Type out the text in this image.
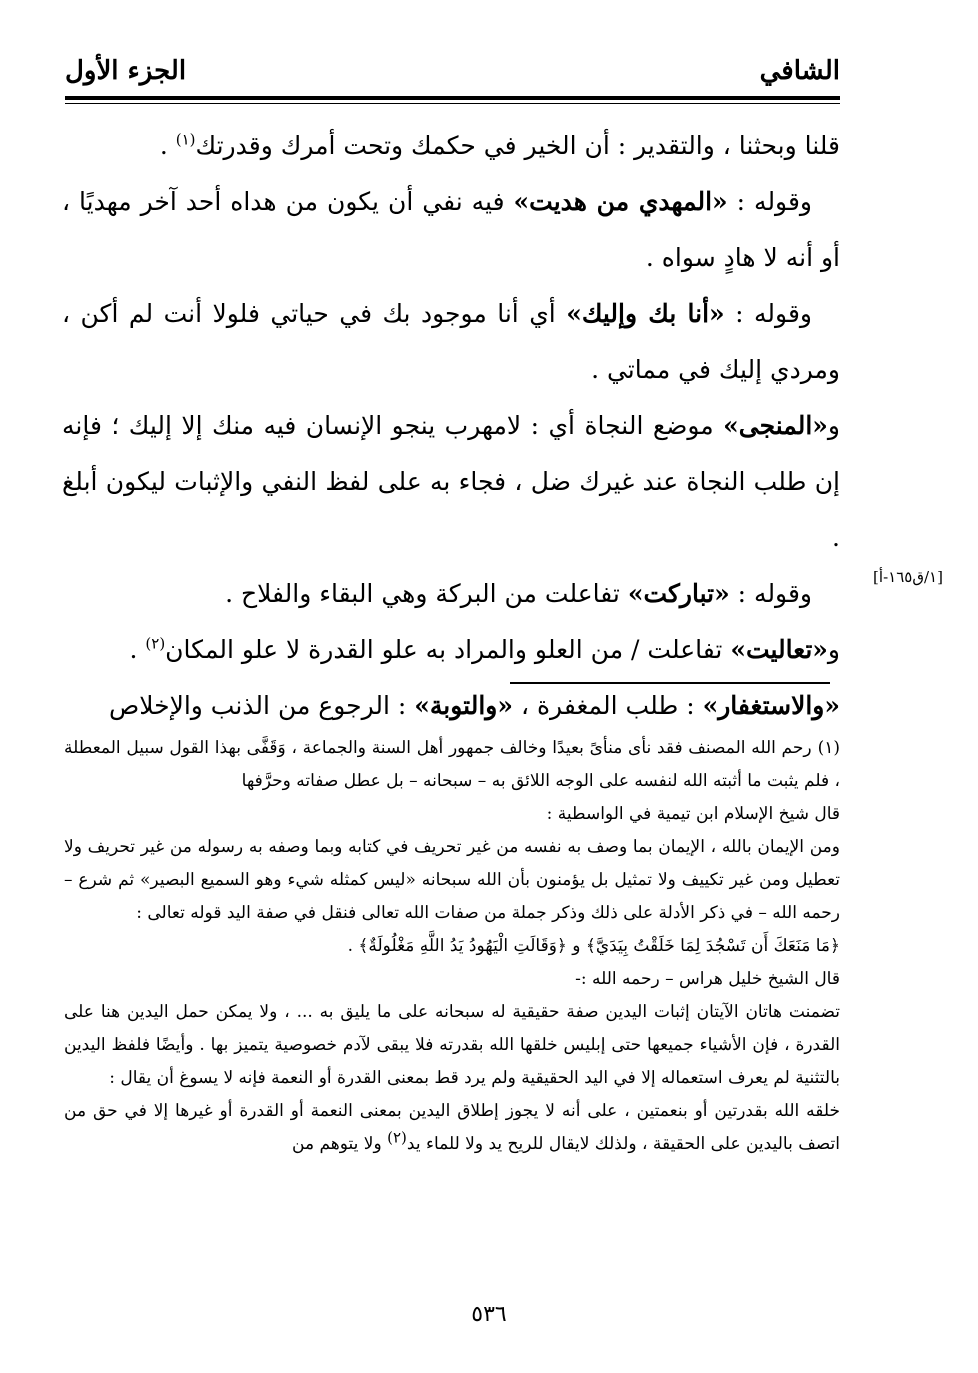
الشافي
الجزء الأول

قلنا وبحثنا ، والتقدير : أن الخير في حكمك وتحت أمرك وقدرتك$^{(١)}$ .

وقوله : «المهدي من هديت» فيه نفي أن يكون من هداه أحد آخر مهديًا ، أو أنه لا هادٍ سواه .

وقوله : «أنا بك وإليك» أي أنا موجود بك في حياتي فلولا أنت لم أكن ، ومردي إليك في مماتي .

و«المنجى» موضع النجاة أي : لامهرب ينجو الإنسان فيه منك إلا إليك ؛ فإنه إن طلب النجاة عند غيرك ضل ، فجاء به على لفظ النفي والإثبات ليكون أبلغ .

وقوله : «تباركت» تفاعلت من البركة وهي البقاء والفلاح .

و«تعاليت» تفاعلت / من العلو والمراد به علو القدرة لا علو المكان$^{(٢)}$ .

«والاستغفار» : طلب المغفرة ، «والتوبة» : الرجوع من الذنب والإخلاص

[١/ق١٦٥-أ]

(١)رحم الله المصنف فقد نأى منأىً بعيدًا وخالف جمهور أهل السنة والجماعة ، وَقَفَّى بهذا القول سبيل المعطلة ، فلم يثبت ما أثبته الله لنفسه على الوجه اللائق به – سبحانه – بل عطل صفاته وحرَّفها

قال شيخ الإسلام ابن تيمية في الواسطية :

ومن الإيمان بالله ، الإيمان بما وصف به نفسه من غير تحريف في كتابه وبما وصفه به رسوله من غير تحريف ولا تعطيل ومن غير تكييف ولا تمثيل بل يؤمنون بأن الله سبحانه «ليس كمثله شيء وهو السميع البصير» ثم شرع – رحمه الله – في ذكر الأدلة على ذلك وذكر جملة من صفات الله تعالى فنقل في صفة اليد قوله تعالى :

﴿مَا مَنَعَكَ أَن تَسْجُدَ لِمَا خَلَقْتُ بِيَدَيَّ﴾ و ﴿وَقَالَتِ الْيَهُودُ يَدُ اللَّهِ مَغْلُولَةٌ﴾ .

قال الشيخ خليل هراس – رحمه الله :-

تضمنت هاتان الآيتان إثبات اليدين صفة حقيقية له سبحانه على ما يليق به ... ، ولا يمكن حمل اليدين هنا على القدرة ، فإن الأشياء جميعها حتى إبليس خلقها الله بقدرته فلا يبقى لآدم خصوصية يتميز بها . وأيضًا فلفظ اليدين بالتثنية لم يعرف استعماله إلا في اليد الحقيقية ولم يرد قط بمعنى القدرة أو النعمة فإنه لا يسوغ أن يقال :

خلقه الله بقدرتين أو بنعمتين ، على أنه لا يجوز إطلاق اليدين بمعنى النعمة أو القدرة أو غيرها إلا في حق من اتصف باليدين على الحقيقة ، ولذلك لايقال للريح يد ولا للماء يد$^{(٢)}$ ولا يتوهم من

٥٣٦
